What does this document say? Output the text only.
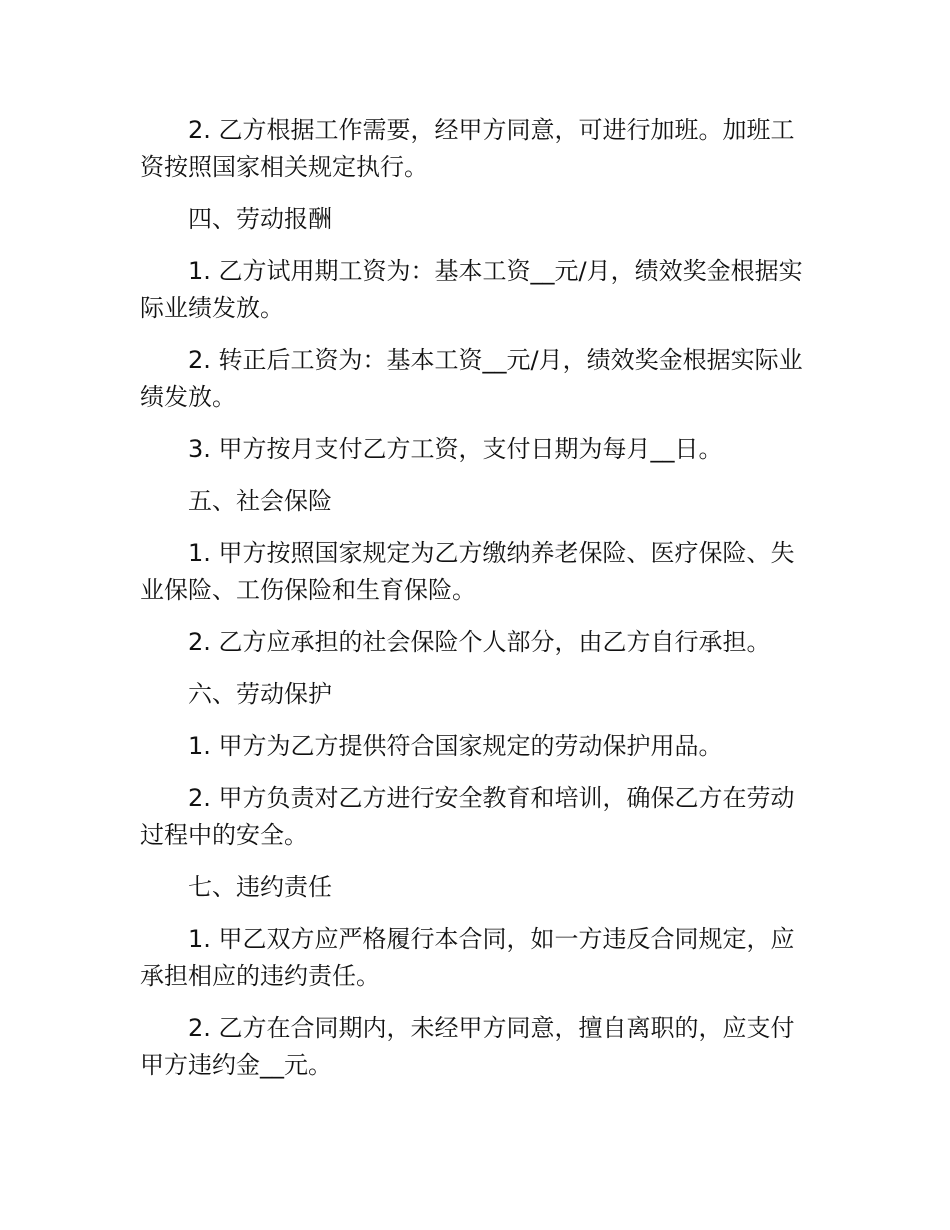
2. 乙方根据工作需要，经甲方同意，可进行加班。加班工资按照国家相关规定执行。

四、劳动报酬

1. 乙方试用期工资为：基本工资__元/月，绩效奖金根据实际业绩发放。

2. 转正后工资为：基本工资__元/月，绩效奖金根据实际业绩发放。

3. 甲方按月支付乙方工资，支付日期为每月__日。

五、社会保险

1. 甲方按照国家规定为乙方缴纳养老保险、医疗保险、失业保险、工伤保险和生育保险。

2. 乙方应承担的社会保险个人部分，由乙方自行承担。

六、劳动保护

1. 甲方为乙方提供符合国家规定的劳动保护用品。

2. 甲方负责对乙方进行安全教育和培训，确保乙方在劳动过程中的安全。

七、违约责任

1. 甲乙双方应严格履行本合同，如一方违反合同规定，应承担相应的违约责任。

2. 乙方在合同期内，未经甲方同意，擅自离职的，应支付甲方违约金__元。
